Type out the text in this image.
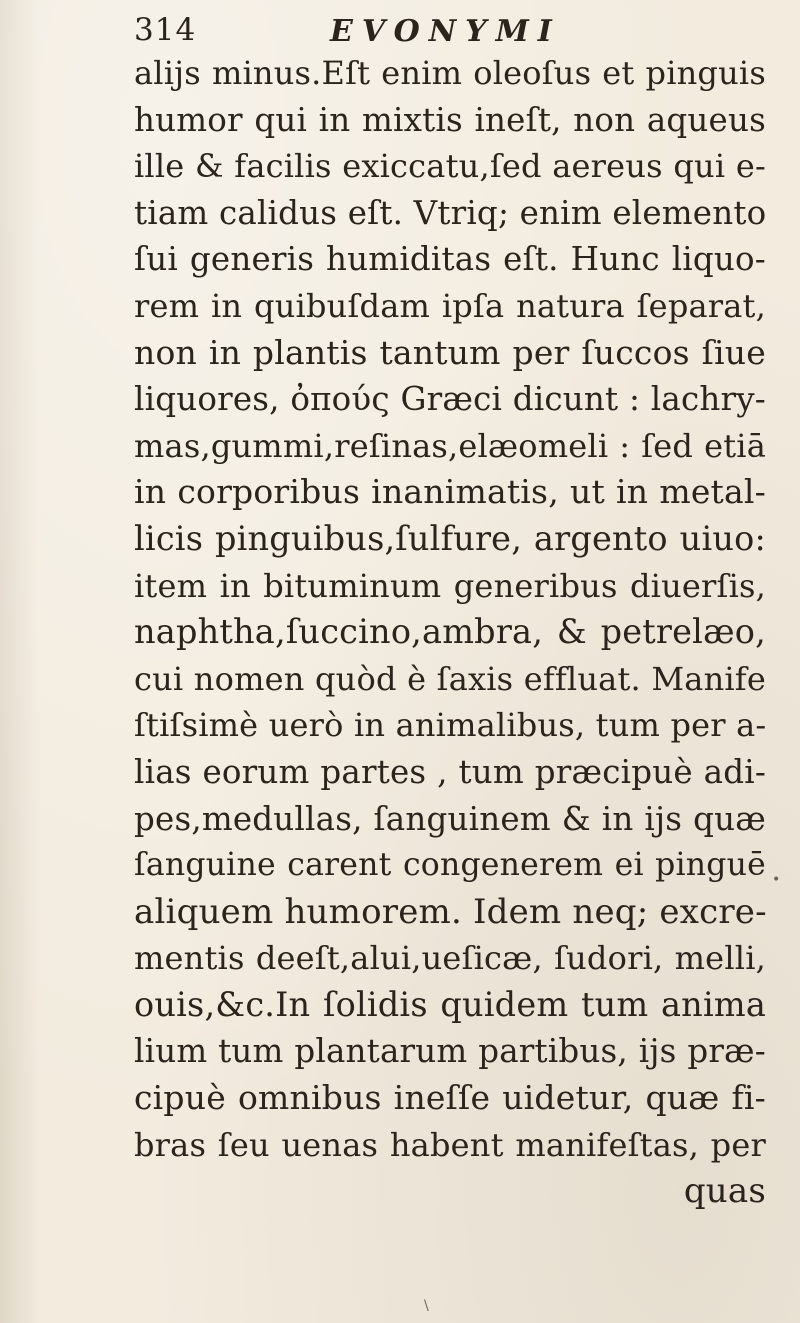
314	EVONYMI
alijs minus.Eſt enim oleoſus et pinguis
humor qui in mixtis ineſt, non aqueus
ille & facilis exiccatu,ſed aereus qui e-
tiam calidus eſt. Vtriq; enim elemento
ſui generis humiditas eſt. Hunc liquo-
rem in quibuſdam ipſa natura ſeparat,
non in plantis tantum per ſuccos ſiue
liquores, ὀπούς Græci dicunt : lachry-
mas,gummi,reſinas,elæomeli : ſed etiā
in corporibus inanimatis, ut in metal-
licis pinguibus,ſulfure, argento uiuo:
item in bituminum generibus diuerſis,
naphtha,ſuccino,ambra, & petrelæo,
cui nomen quòd è ſaxis effluat. Manife
ſtiſsimè uerò in animalibus, tum per a-
lias eorum partes , tum præcipuè adi-
pes,medullas, ſanguinem & in ijs quæ
ſanguine carent congenerem ei pinguē
aliquem humorem. Idem neq; excre-
mentis deeſt,alui,ueſicæ, ſudori, melli,
ouis,&c.In ſolidis quidem tum anima
lium tum plantarum partibus, ijs præ-
cipuè omnibus ineſſe uidetur, quæ fi-
bras ſeu uenas habent manifeſtas, per
quas
•
\
